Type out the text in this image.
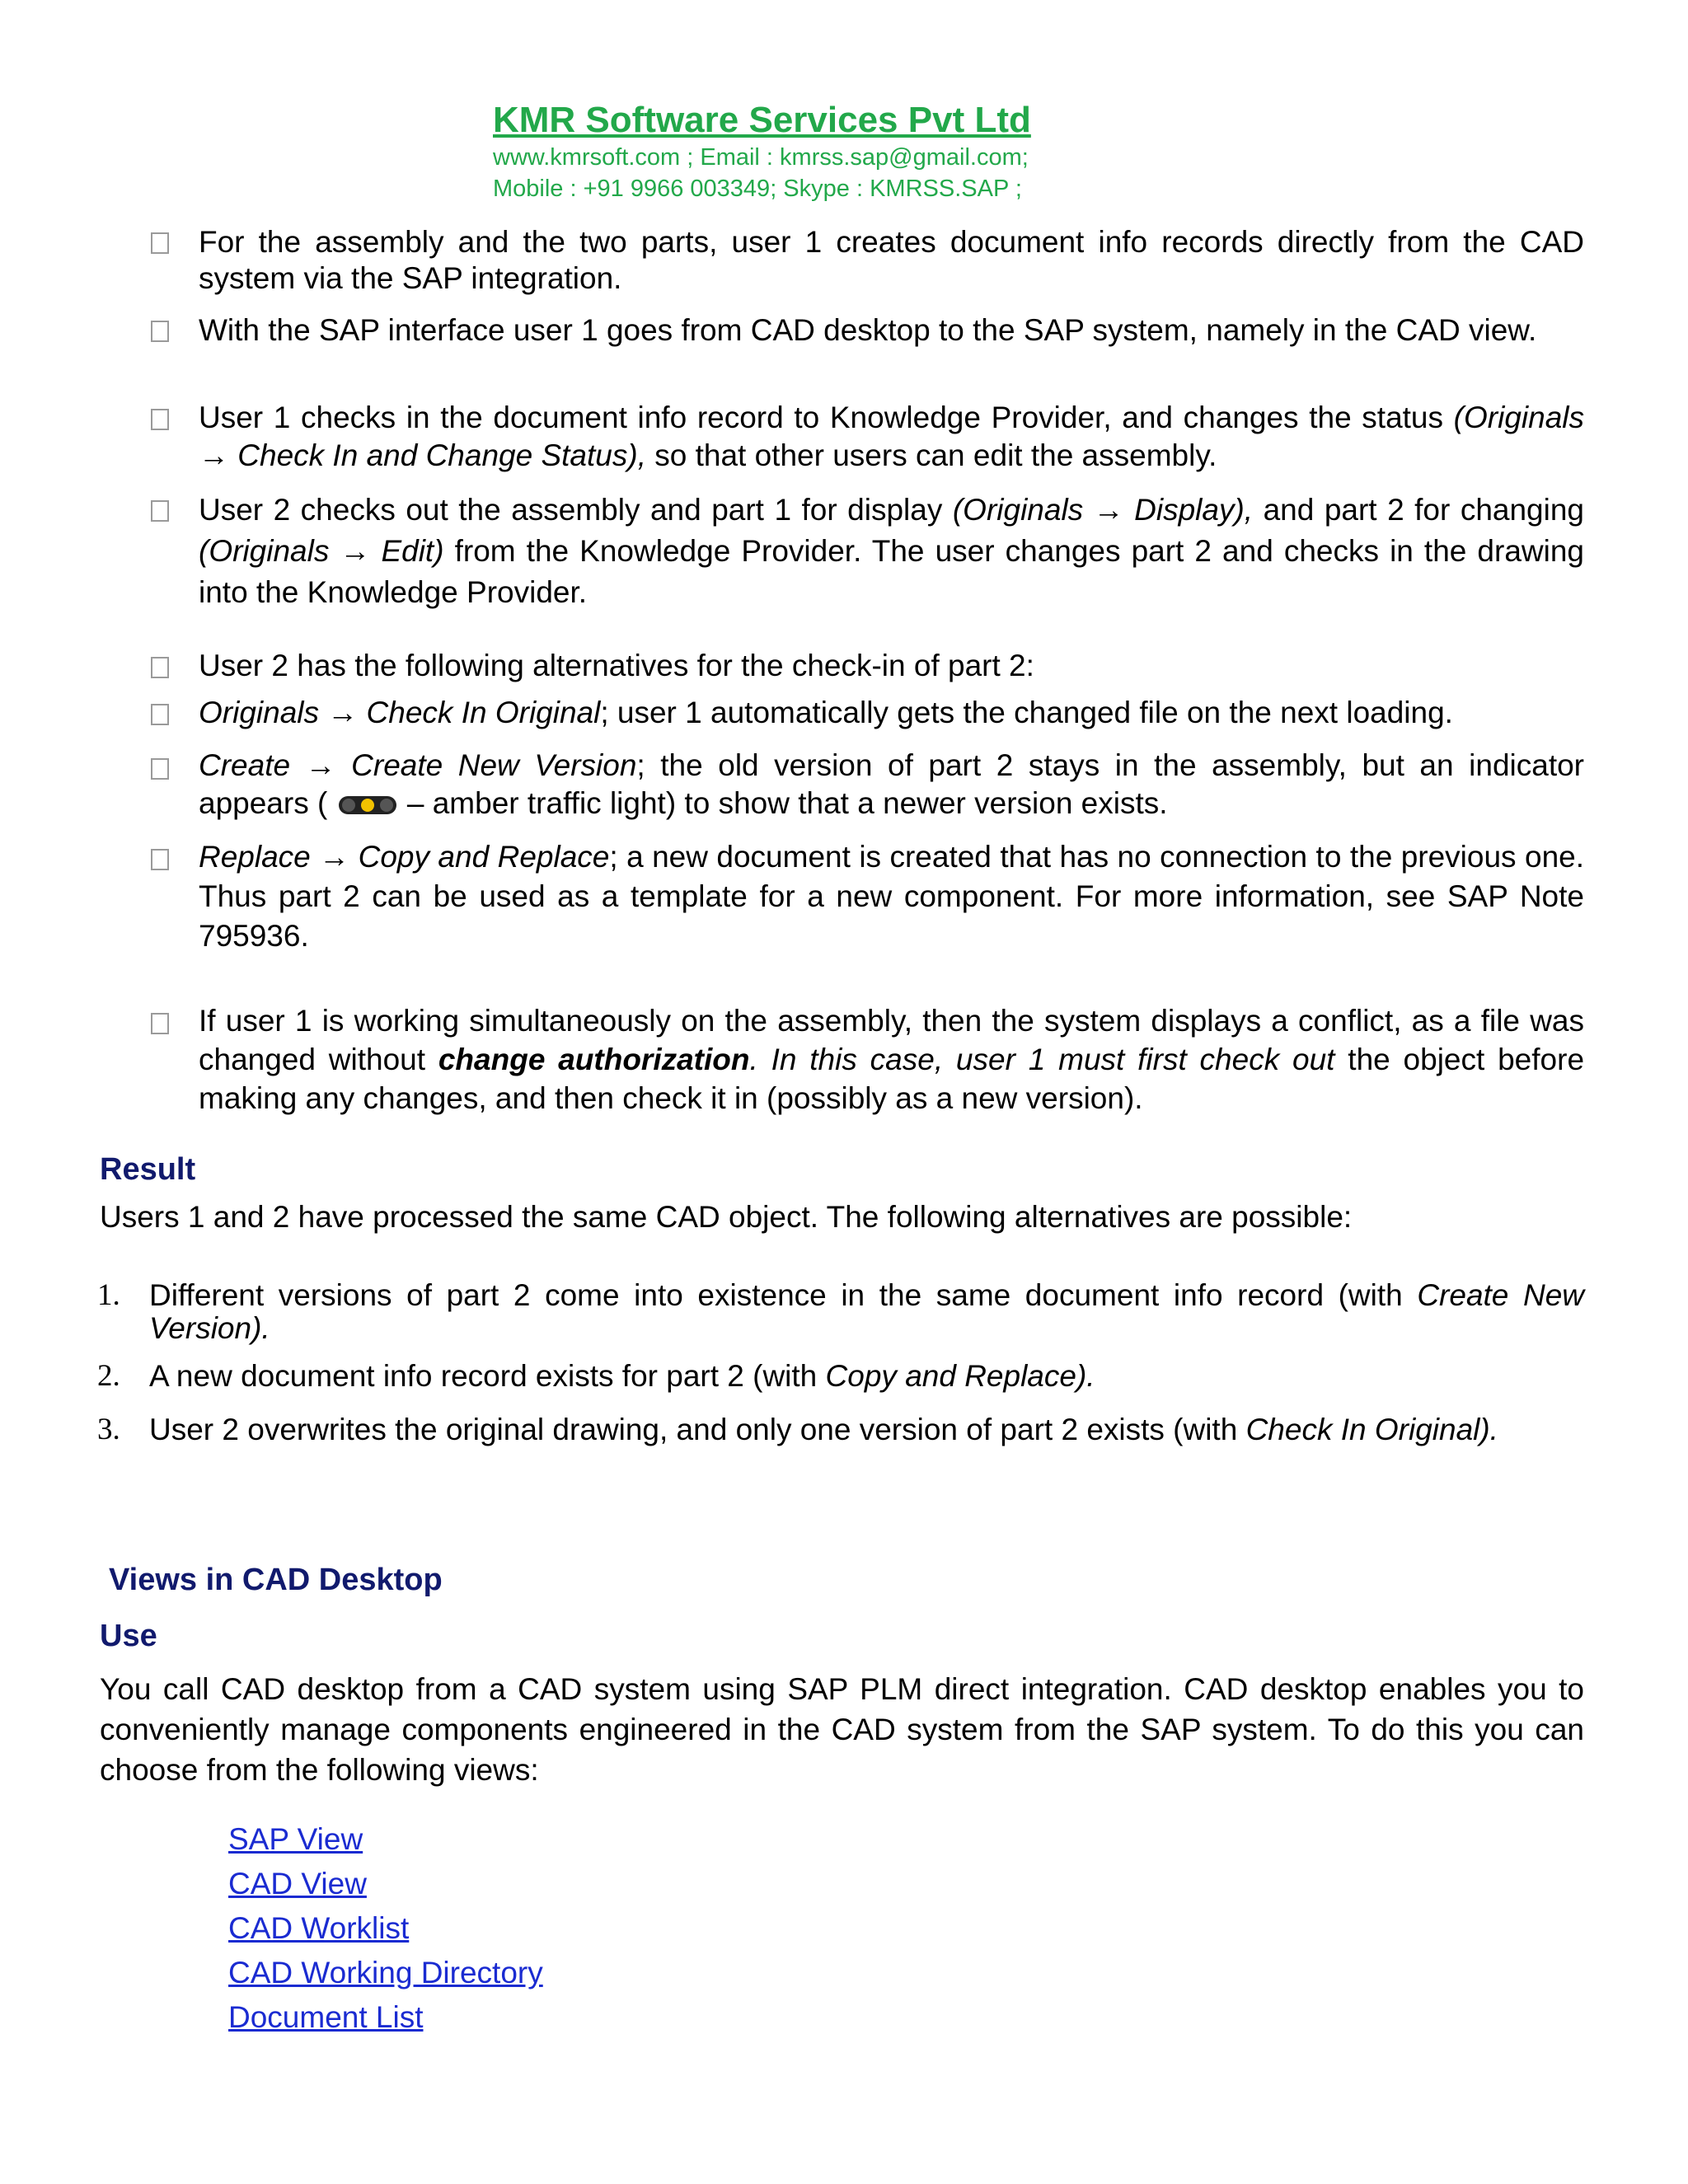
KMR Software Services Pvt Ltd
www.kmrsoft.com ; Email : kmrss.sap@gmail.com;
Mobile : +91 9966 003349; Skype : KMRSS.SAP ;
For the assembly and the two parts, user 1 creates document info records directly from the CAD system via the SAP integration.
With the SAP interface user 1 goes from CAD desktop to the SAP system, namely in the CAD view.
User 1 checks in the document info record to Knowledge Provider, and changes the status (Originals → Check In and Change Status), so that other users can edit the assembly.
User 2 checks out the assembly and part 1 for display (Originals → Display), and part 2 for changing (Originals → Edit) from the Knowledge Provider. The user changes part 2 and checks in the drawing into the Knowledge Provider.
User 2 has the following alternatives for the check-in of part 2:
Originals → Check In Original; user 1 automatically gets the changed file on the next loading.
Create → Create New Version; the old version of part 2 stays in the assembly, but an indicator appears (	– amber traffic light) to show that a newer version exists.
Replace → Copy and Replace; a new document is created that has no connection to the previous one. Thus part 2 can be used as a template for a new component. For more information, see SAP Note 795936.
If user 1 is working simultaneously on the assembly, then the system displays a conflict, as a file was changed without change authorization. In this case, user 1 must first check out the object before making any changes, and then check it in (possibly as a new version).
Result
Users 1 and 2 have processed the same CAD object. The following alternatives are possible:
1. Different versions of part 2 come into existence in the same document info record (with Create New Version).
2. A new document info record exists for part 2 (with Copy and Replace).
3. User 2 overwrites the original drawing, and only one version of part 2 exists (with Check In Original).
Views in CAD Desktop
Use
You call CAD desktop from a CAD system using SAP PLM direct integration. CAD desktop enables you to conveniently manage components engineered in the CAD system from the SAP system. To do this you can choose from the following views:
SAP View
CAD View
CAD Worklist
CAD Working Directory
Document List
